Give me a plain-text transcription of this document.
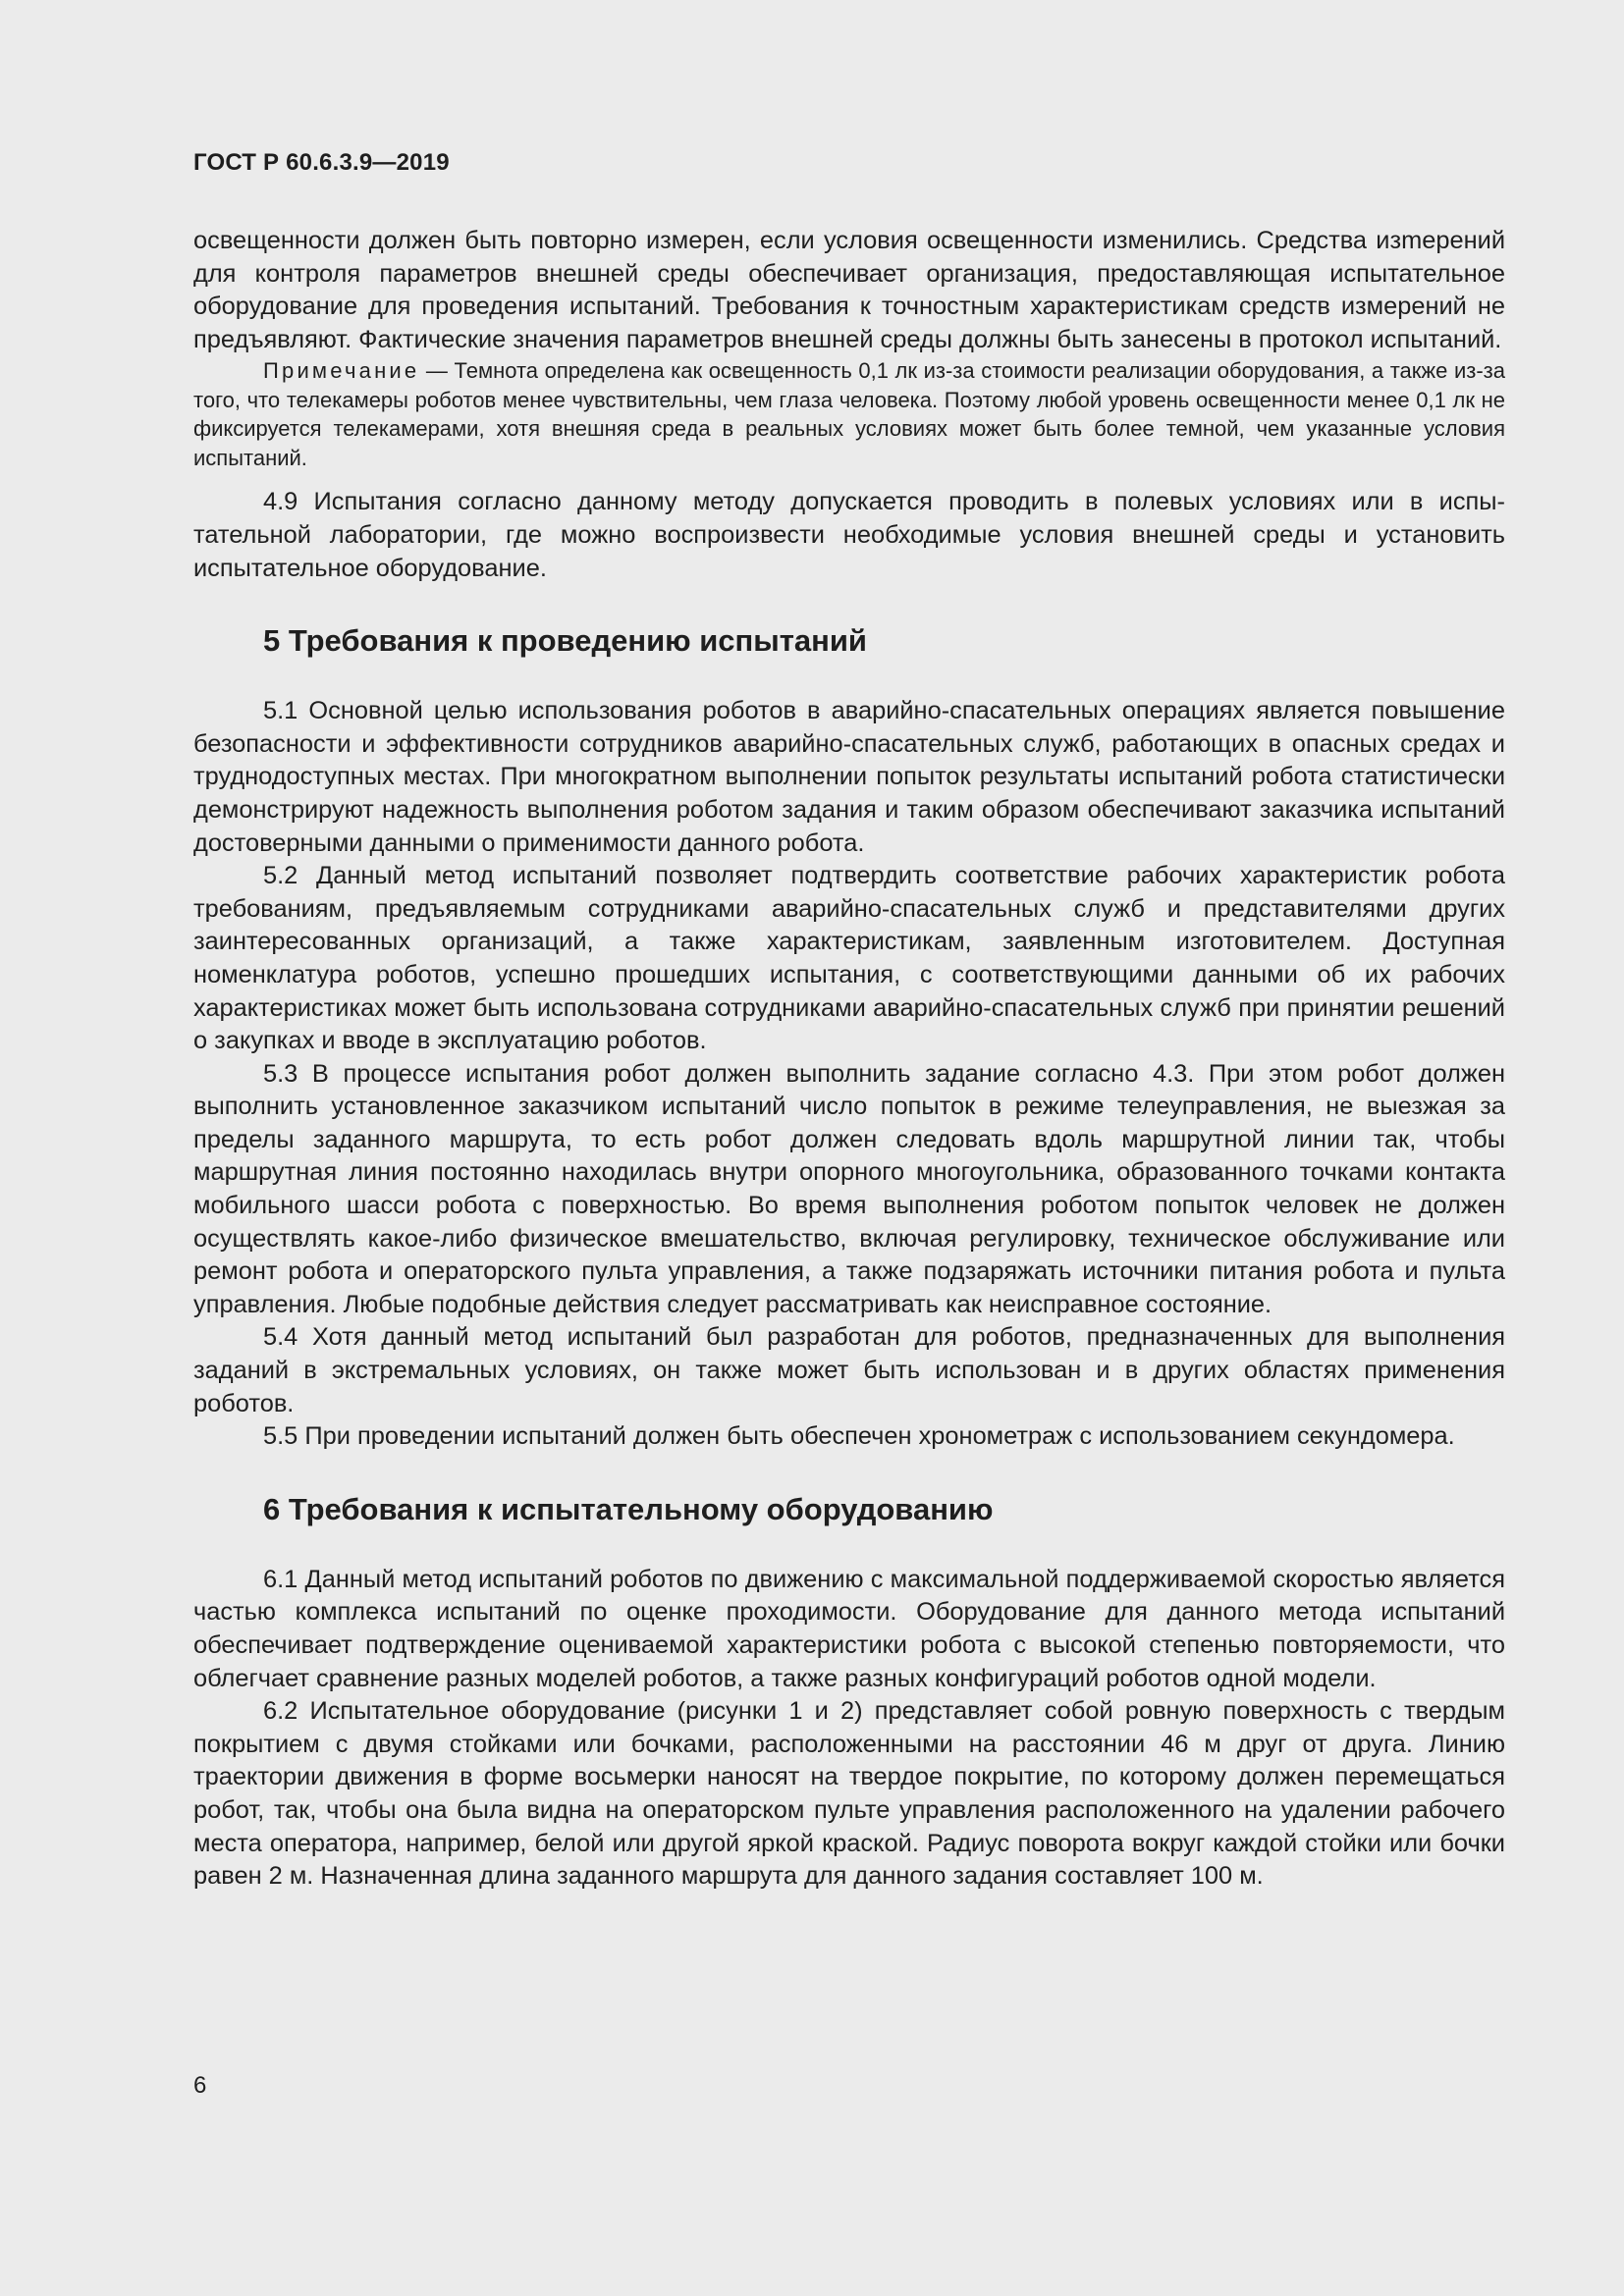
ГОСТ Р 60.6.3.9—2019

освещенности должен быть повторно измерен, если условия освещенности изменились. Средства изmерений для контроля параметров внешней среды обеспечивает организация, предоставляющая испытательное оборудование для проведения испытаний. Требования к точностным характеристикам средств измерений не предъявляют. Фактические значения параметров внешней среды должны быть занесены в протокол испытаний.

Примечание — Темнота определена как освещенность 0,1 лк из-за стоимости реализации оборудования, а также из-за того, что телекамеры роботов менее чувствительны, чем глаза человека. Поэтому любой уровень освещенности менее 0,1 лк не фиксируется телекамерами, хотя внешняя среда в реальных условиях может быть более темной, чем указанные условия испытаний.

4.9 Испытания согласно данному методу допускается проводить в полевых условиях или в испытательной лаборатории, где можно воспроизвести необходимые условия внешней среды и установить испытательное оборудование.

5 Требования к проведению испытаний

5.1 Основной целью использования роботов в аварийно-спасательных операциях является повышение безопасности и эффективности сотрудников аварийно-спасательных служб, работающих в опасных средах и труднодоступных местах. При многократном выполнении попыток результаты испытаний робота статистически демонстрируют надежность выполнения роботом задания и таким образом обеспечивают заказчика испытаний достоверными данными о применимости данного робота.

5.2 Данный метод испытаний позволяет подтвердить соответствие рабочих характеристик робота требованиям, предъявляемым сотрудниками аварийно-спасательных служб и представителями других заинтересованных организаций, а также характеристикам, заявленным изготовителем. Доступная номенклатура роботов, успешно прошедших испытания, с соответствующими данными об их рабочих характеристиках может быть использована сотрудниками аварийно-спасательных служб при принятии решений о закупках и вводе в эксплуатацию роботов.

5.3 В процессе испытания робот должен выполнить задание согласно 4.3. При этом робот должен выполнить установленное заказчиком испытаний число попыток в режиме телеуправления, не выезжая за пределы заданного маршрута, то есть робот должен следовать вдоль маршрутной линии так, чтобы маршрутная линия постоянно находилась внутри опорного многоугольника, образованного точками контакта мобильного шасси робота с поверхностью. Во время выполнения роботом попыток человек не должен осуществлять какое-либо физическое вмешательство, включая регулировку, техническое обслуживание или ремонт робота и операторского пульта управления, а также подзаряжать источники питания робота и пульта управления. Любые подобные действия следует рассматривать как неисправное состояние.

5.4 Хотя данный метод испытаний был разработан для роботов, предназначенных для выполнения заданий в экстремальных условиях, он также может быть использован и в других областях применения роботов.

5.5 При проведении испытаний должен быть обеспечен хронометраж с использованием секундомера.

6 Требования к испытательному оборудованию

6.1 Данный метод испытаний роботов по движению с максимальной поддерживаемой скоростью является частью комплекса испытаний по оценке проходимости. Оборудование для данного метода испытаний обеспечивает подтверждение оцениваемой характеристики робота с высокой степенью повторяемости, что облегчает сравнение разных моделей роботов, а также разных конфигураций роботов одной модели.

6.2 Испытательное оборудование (рисунки 1 и 2) представляет собой ровную поверхность с твердым покрытием с двумя стойками или бочками, расположенными на расстоянии 46 м друг от друга. Линию траектории движения в форме восьмерки наносят на твердое покрытие, по которому должен перемещаться робот, так, чтобы она была видна на операторском пульте управления расположенного на удалении рабочего места оператора, например, белой или другой яркой краской. Радиус поворота вокруг каждой стойки или бочки равен 2 м. Назначенная длина заданного маршрута для данного задания составляет 100 м.

6
